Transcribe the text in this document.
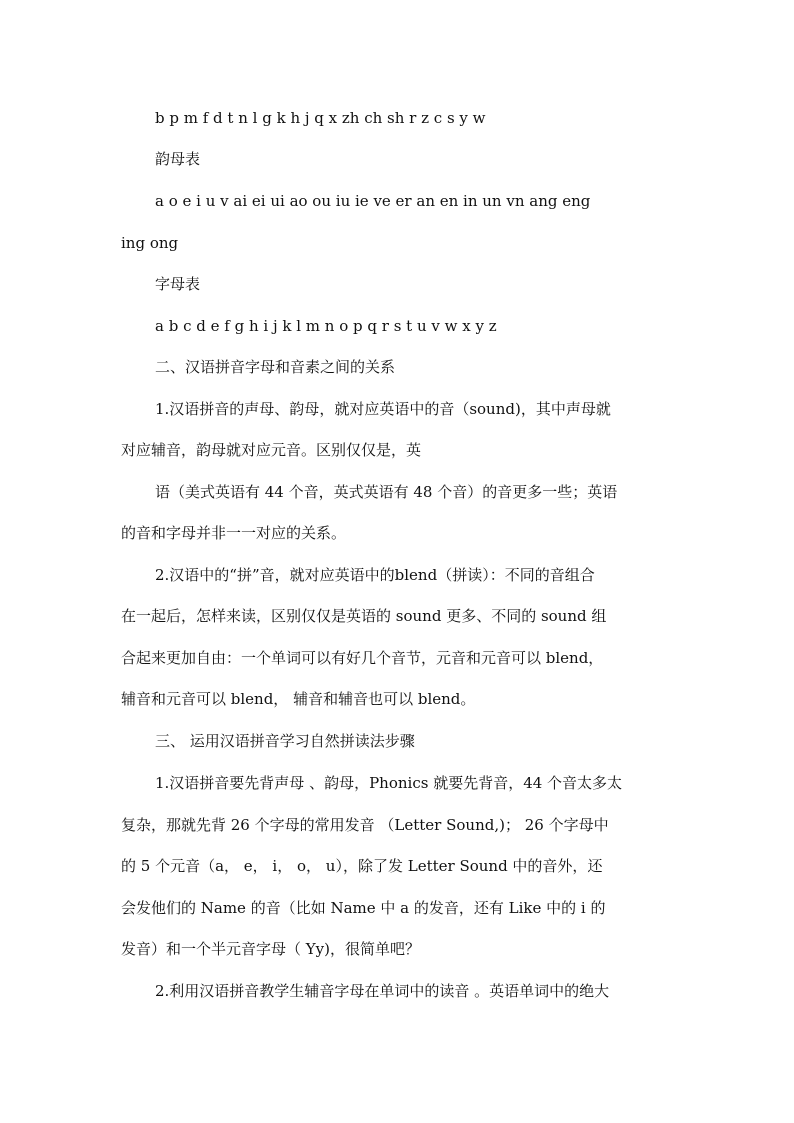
b p m f d t n l g k h j q x zh ch sh r z c s y w
韵母表
a o e i u v ai ei ui ao ou iu ie ve er an en in un vn ang eng
ing ong
字母表
a b c d e f g h i j k l m n o p q r s t u v w x y z
二、汉语拼音字母和音素之间的关系
1.汉语拼音的声母、韵母，就对应英语中的音（sound)，其中声母就
对应辅音，韵母就对应元音。区别仅仅是，英
语（美式英语有 44 个音，英式英语有 48 个音）的音更多一些；英语
的音和字母并非一一对应的关系。
2.汉语中的“拼”音，就对应英语中的blend（拼读）：不同的音组合
在一起后，怎样来读，区别仅仅是英语的 sound 更多、不同的 sound 组
合起来更加自由：一个单词可以有好几个音节，元音和元音可以 blend，
辅音和元音可以 blend， 辅音和辅音也可以 blend。
三、 运用汉语拼音学习自然拼读法步骤
1.汉语拼音要先背声母 、韵母，Phonics 就要先背音，44 个音太多太
复杂，那就先背 26 个字母的常用发音 （Letter Sound,)； 26 个字母中
的 5 个元音（a， e， i， o， u），除了发 Letter Sound 中的音外，还
会发他们的 Name 的音（比如 Name 中 a 的发音，还有 Like 中的 i 的
发音）和一个半元音字母（ Yy)，很简单吧？
2.利用汉语拼音教学生辅音字母在单词中的读音 。英语单词中的绝大
